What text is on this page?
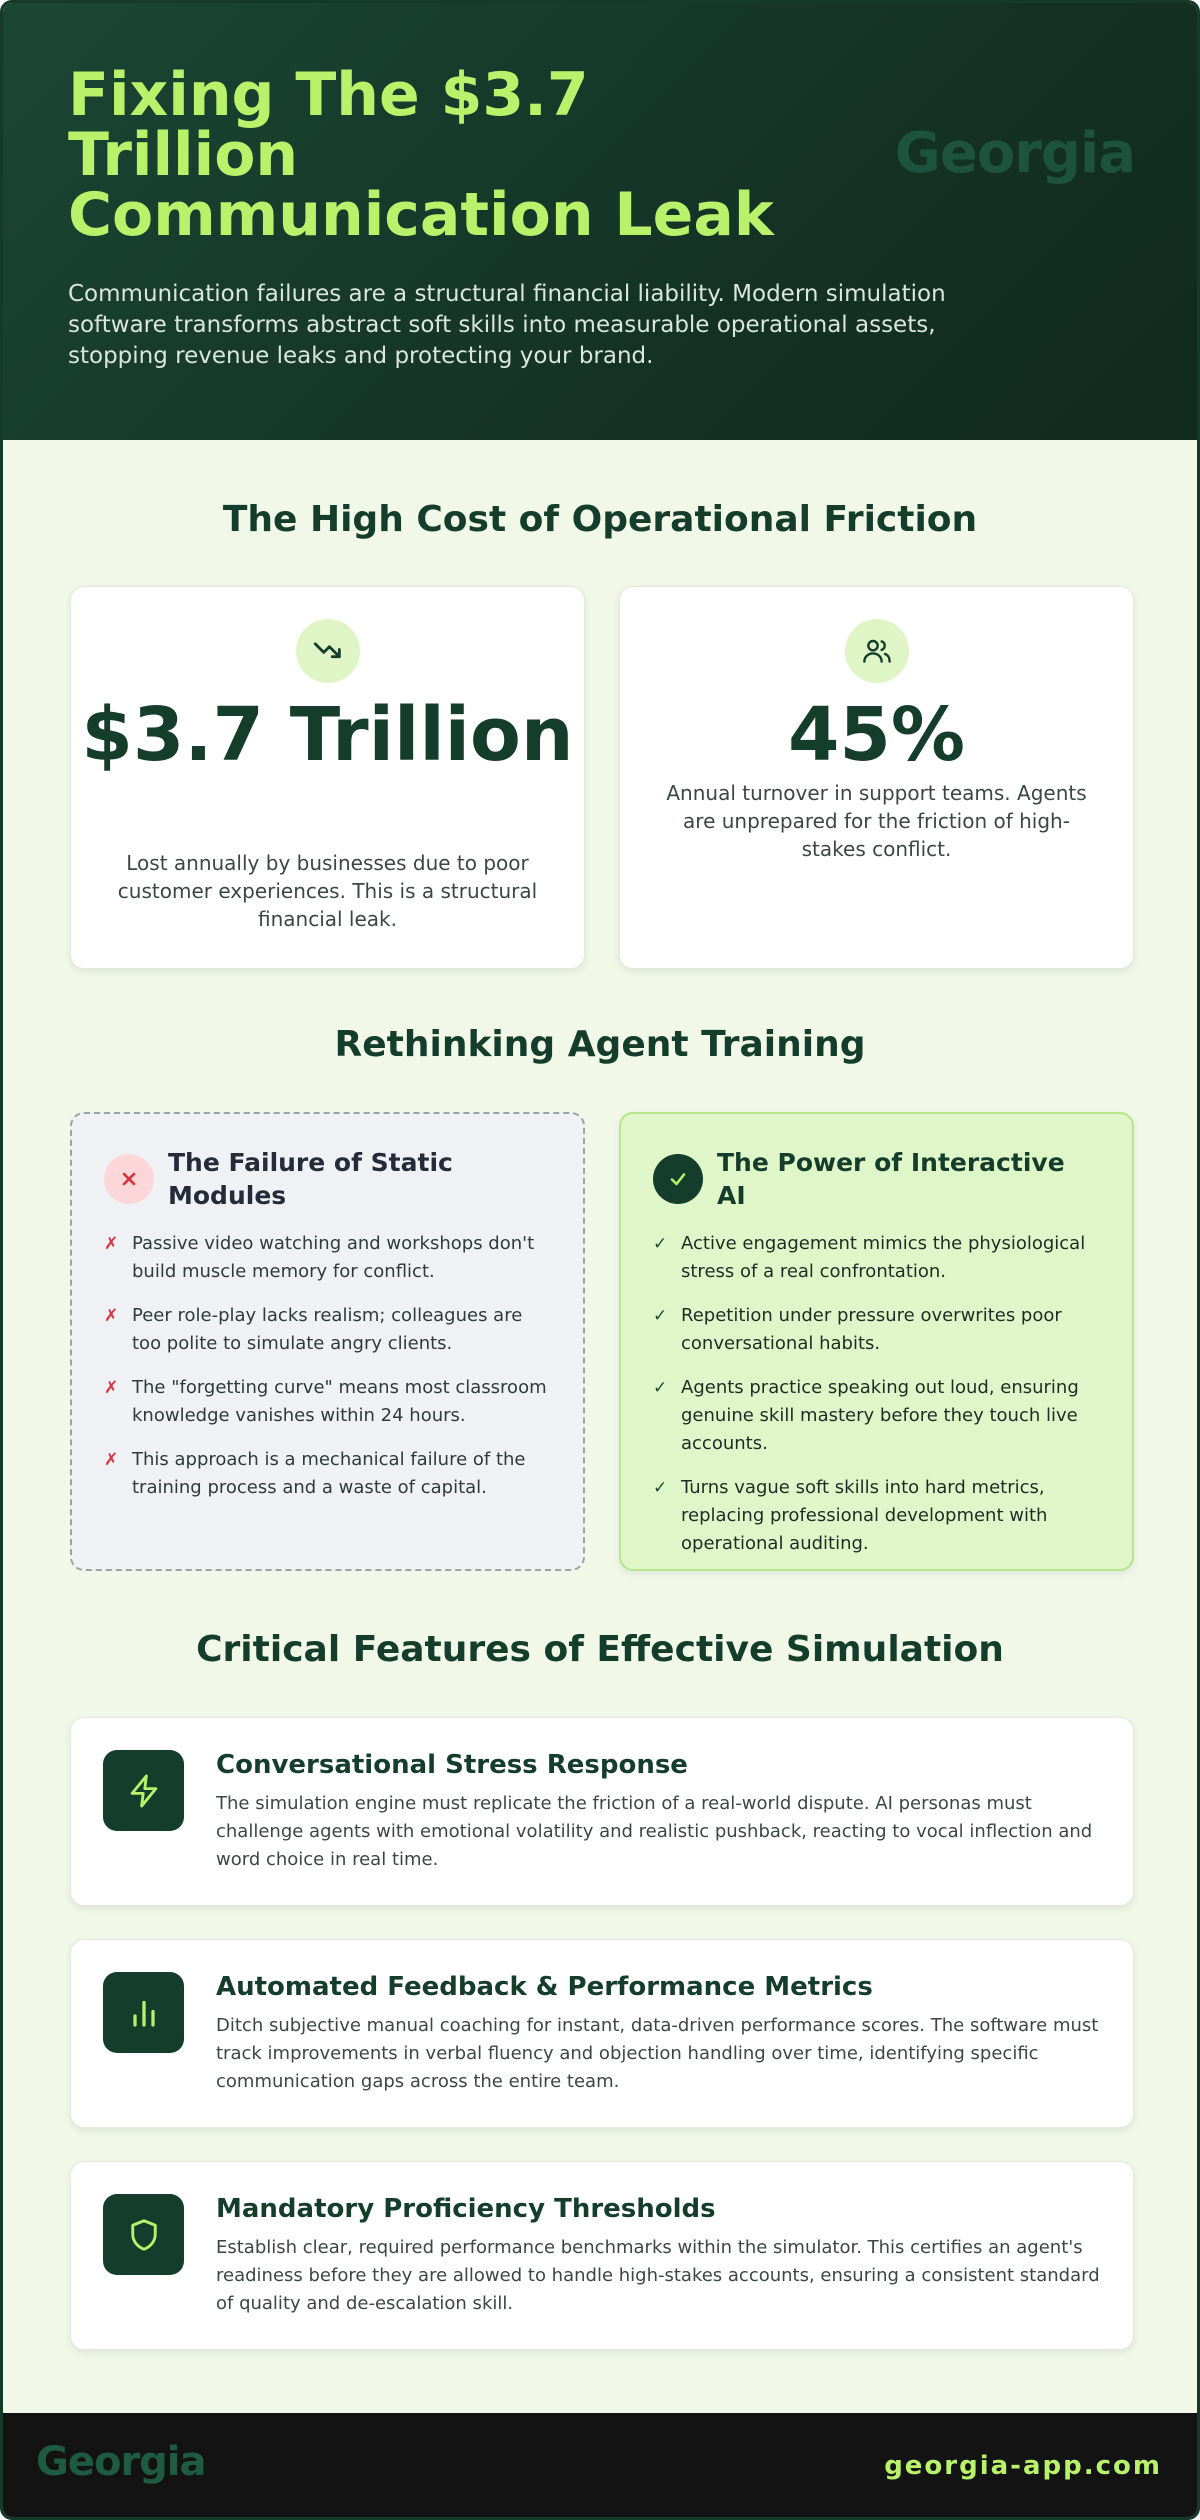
Fixing The $3.7 Trillion Communication Leak
Georgia

Communication failures are a structural financial liability. Modern simulation software transforms abstract soft skills into measurable operational assets, stopping revenue leaks and protecting your brand.

The High Cost of Operational Friction
$3.7 Trillion

Lost annually by businesses due to poor customer experiences. This is a structural financial leak.

45%

Annual turnover in support teams. Agents are unprepared for the friction of high-stakes conflict.

Rethinking Agent Training
The Failure of Static Modules
✗ Passive video watching and workshops don't build muscle memory for conflict.
✗ Peer role-play lacks realism; colleagues are too polite to simulate angry clients.
✗ The "forgetting curve" means most classroom knowledge vanishes within 24 hours.
✗ This approach is a mechanical failure of the training process and a waste of capital.
The Power of Interactive AI
✓ Active engagement mimics the physiological stress of a real confrontation.
✓ Repetition under pressure overwrites poor conversational habits.
✓ Agents practice speaking out loud, ensuring genuine skill mastery before they touch live accounts.
✓ Turns vague soft skills into hard metrics, replacing professional development with operational auditing.
Critical Features of Effective Simulation
Conversational Stress Response

The simulation engine must replicate the friction of a real-world dispute. AI personas must challenge agents with emotional volatility and realistic pushback, reacting to vocal inflection and word choice in real time.

Automated Feedback & Performance Metrics

Ditch subjective manual coaching for instant, data-driven performance scores. The software must track improvements in verbal fluency and objection handling over time, identifying specific communication gaps across the entire team.

Mandatory Proficiency Thresholds

Establish clear, required performance benchmarks within the simulator. This certifies an agent's readiness before they are allowed to handle high-stakes accounts, ensuring a consistent standard of quality and de-escalation skill.

Georgia	georgia-app.com
